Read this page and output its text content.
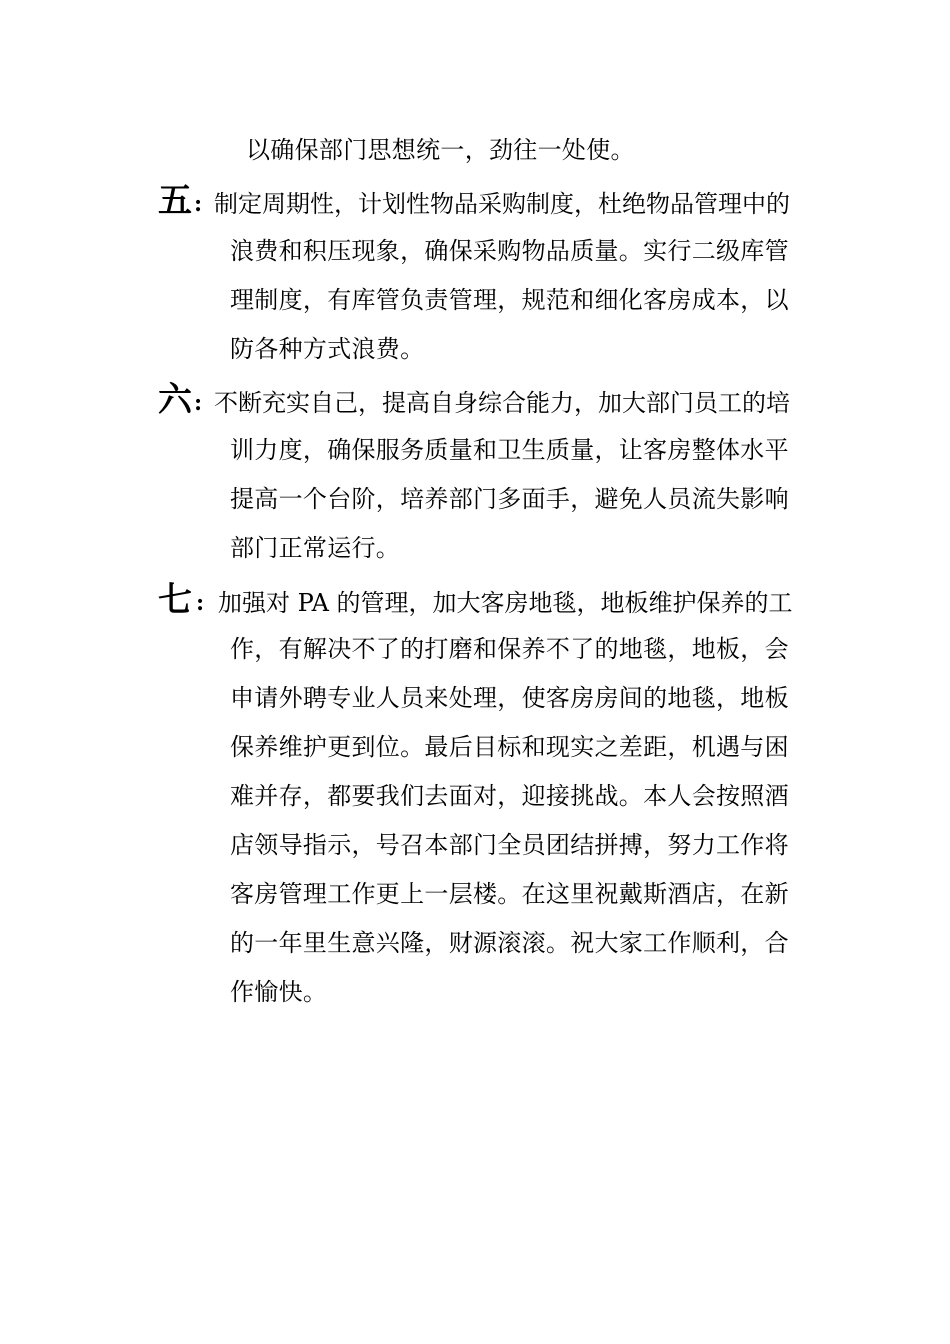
以确保部门思想统一，劲往一处使。
五 : 制定周期性，计划性物品采购制度，杜绝物品管理中的
浪费和积压现象，确保采购物品质量。实行二级库管
理制度，有库管负责管理，规范和细化客房成本，以
防各种方式浪费。
六 : 不断充实自己，提高自身综合能力，加大部门员工的培
训力度，确保服务质量和卫生质量，让客房整体水平
提高一个台阶，培养部门多面手，避免人员流失影响
部门正常运行。
七 : 加强对 PA 的管理，加大客房地毯，地板维护保养的工
作，有解决不了的打磨和保养不了的地毯，地板，会
申请外聘专业人员来处理，使客房房间的地毯，地板
保养维护更到位。最后目标和现实之差距，机遇与困
难并存，都要我们去面对，迎接挑战。本人会按照酒
店领导指示，号召本部门全员团结拼搏，努力工作将
客房管理工作更上一层楼。在这里祝戴斯酒店，在新
的一年里生意兴隆，财源滚滚。祝大家工作顺利，合
作愉快。
